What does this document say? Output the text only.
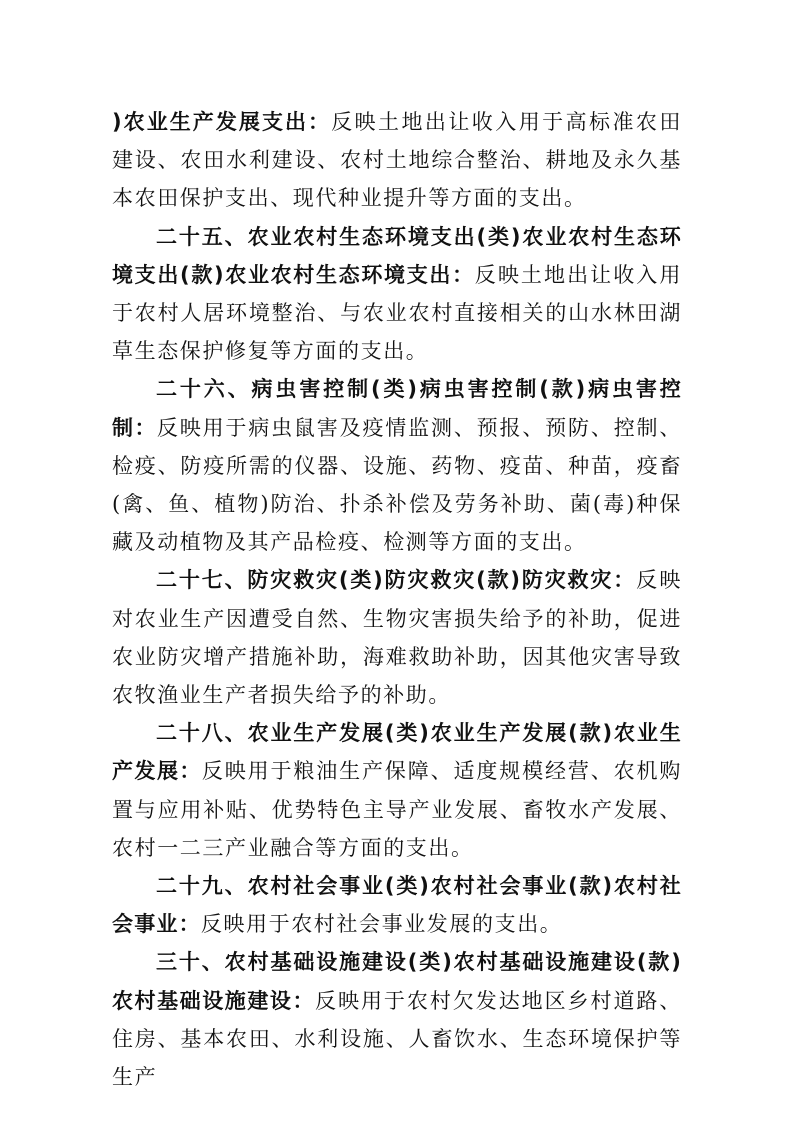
)农业生产发展支出：反映土地出让收入用于高标准农田建设、农田水利建设、农村土地综合整治、耕地及永久基本农田保护支出、现代种业提升等方面的支出。

二十五、农业农村生态环境支出(类)农业农村生态环境支出(款)农业农村生态环境支出：反映土地出让收入用于农村人居环境整治、与农业农村直接相关的山水林田湖草生态保护修复等方面的支出。

二十六、病虫害控制(类)病虫害控制(款)病虫害控制：反映用于病虫鼠害及疫情监测、预报、预防、控制、检疫、防疫所需的仪器、设施、药物、疫苗、种苗，疫畜(禽、鱼、植物)防治、扑杀补偿及劳务补助、菌(毒)种保藏及动植物及其产品检疫、检测等方面的支出。

二十七、防灾救灾(类)防灾救灾(款)防灾救灾：反映对农业生产因遭受自然、生物灾害损失给予的补助，促进农业防灾增产措施补助，海难救助补助，因其他灾害导致农牧渔业生产者损失给予的补助。

二十八、农业生产发展(类)农业生产发展(款)农业生产发展：反映用于粮油生产保障、适度规模经营、农机购置与应用补贴、优势特色主导产业发展、畜牧水产发展、农村一二三产业融合等方面的支出。

二十九、农村社会事业(类)农村社会事业(款)农村社会事业：反映用于农村社会事业发展的支出。

三十、农村基础设施建设(类)农村基础设施建设(款)农村基础设施建设：反映用于农村欠发达地区乡村道路、住房、基本农田、水利设施、人畜饮水、生态环境保护等生产
